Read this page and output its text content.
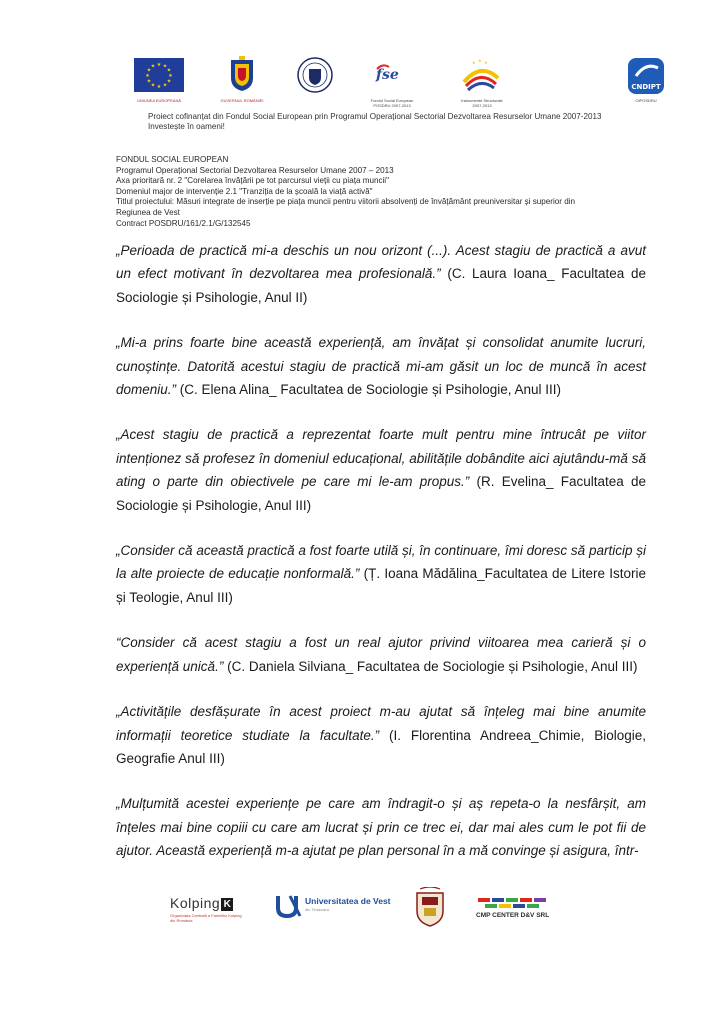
★ ★
★
★
★
★
★
★
★
★
★
★
UNIUNEA EUROPEANĂ	GUVERNUL ROMÂNIEI
fse
Fondul Social European
POSDRU 2007-2013
★ ★
★
Instrumente Structurale
2007-2013
CNDIPT
OIPOSDRU
Proiect cofinanțat din Fondul Social European prin Programul Operațional Sectorial Dezvoltarea Resurselor Umane 2007-2013
Investește în oameni!
FONDUL SOCIAL EUROPEAN
Programul Operațional Sectorial Dezvoltarea Resurselor Umane 2007 – 2013
Axa prioritară nr. 2 "Corelarea învățării pe tot parcursul vieții cu piața muncii"
Domeniul major de intervenție 2.1 "Tranziția de la școală la viață activă"
Titlul proiectului: Măsuri integrate de inserție pe piața muncii pentru viitorii absolvenți de învățământ preuniversitar și superior din
Regiunea de Vest
Contract POSDRU/161/2.1/G/132545

„Perioada de practică mi-a deschis un nou orizont (...). Acest stagiu de practică a avut un efect motivant în dezvoltarea mea profesională.” (C. Laura Ioana_ Facultatea de Sociologie și Psihologie, Anul II)

„Mi-a prins foarte bine această experiență, am învățat și consolidat anumite lucruri, cunoștințe. Datorită acestui stagiu de practică mi-am găsit un loc de muncă în acest domeniu.” (C. Elena Alina_ Facultatea de Sociologie și Psihologie, Anul III)

„Acest stagiu de practică a reprezentat foarte mult pentru mine întrucât pe viitor intenționez să profesez în domeniul educațional, abilitățile dobândite aici ajutându-mă să ating o parte din obiectivele pe care mi le-am propus.” (R. Evelina_ Facultatea de Sociologie și Psihologie, Anul III)

„Consider că această practică a fost foarte utilă și, în continuare, îmi doresc să particip și la alte proiecte de educație nonformală.” (Ț. Ioana Mădălina_Facultatea de Litere Istorie și Teologie, Anul III)

“Consider că acest stagiu a fost un real ajutor privind viitoarea mea carieră și o experiență unică.” (C. Daniela Silviana_ Facultatea de Sociologie și Psihologie, Anul III)

„Activitățile desfășurate în acest proiect m-au ajutat să înțeleg mai bine anumite informații teoretice studiate la facultate.” (I. Florentina Andreea_Chimie, Biologie, Geografie Anul III)

„Mulțumită acestei experiențe pe care am îndragit-o și aș repeta-o la nesfârșit, am înțeles mai bine copiii cu care am lucrat și prin ce trec ei, dar mai ales cum le pot fii de ajutor. Această experiență m-a ajutat pe plan personal în a mă convinge și asigura, într-

Kolping K
Organizația Centrală a Familiilor Kolping din România
Universitatea de Vest
din Timișoara
CMP CENTER D&V SRL
